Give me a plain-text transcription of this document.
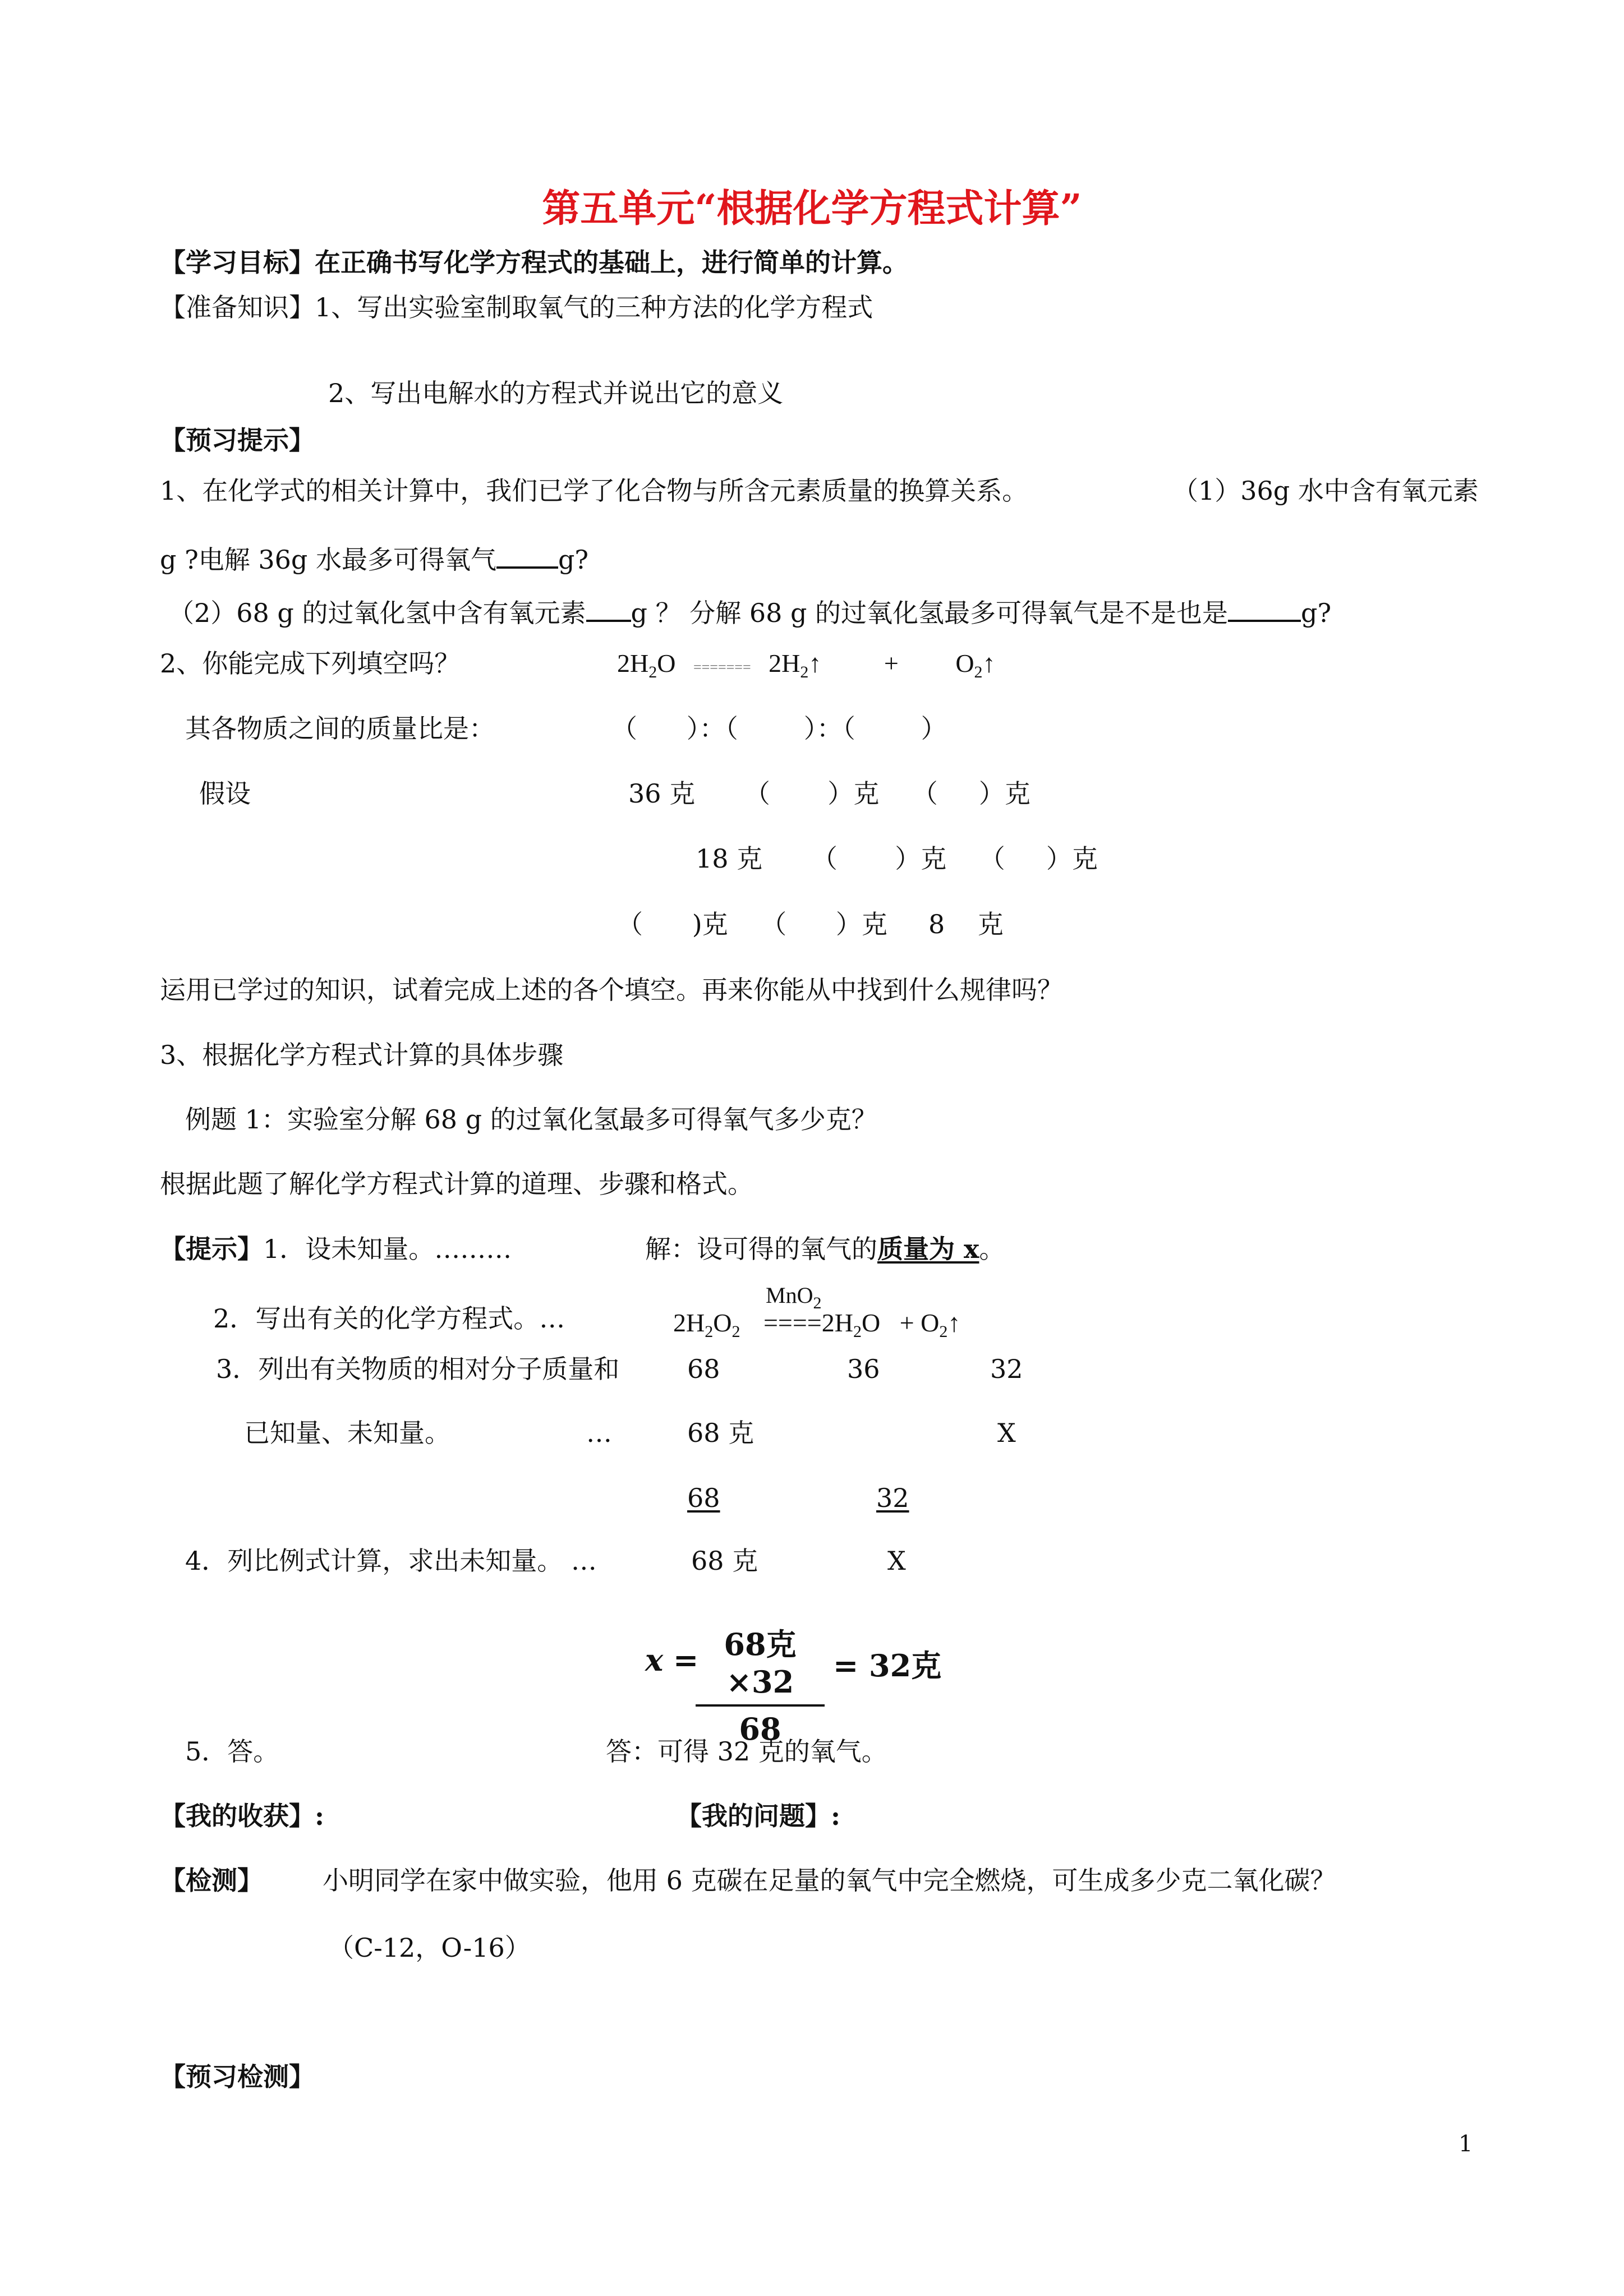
第五单元“根据化学方程式计算”
【学习目标】在正确书写化学方程式的基础上，进行简单的计算。
【准备知识】1、写出实验室制取氧气的三种方法的化学方程式
2、写出电解水的方程式并说出它的意义
【预习提示】
1、在化学式的相关计算中，我们已学了化合物与所含元素质量的换算关系。	（1）36g 水中含有氧元素
g ?电解 36g 水最多可得氧气 g?
（2）68 g 的过氧化氢中含有氧元素 g ？ 分解 68 g 的过氧化氢最多可得氧气是不是也是	g?
2、你能完成下列填空吗？	$2H_2O$ ======= $2H_2↑$ + $O_2↑$
其各物质之间的质量比是：	（      ）：（        ）：（        ）
假设	36 克      （       ）克    （     ）克
18 克      （       ）克    （     ）克
（      )克    （      ）克     8    克
运用已学过的知识，试着完成上述的各个填空。再来你能从中找到什么规律吗？
3、根据化学方程式计算的具体步骤
例题 1：实验室分解 68 g 的过氧化氢最多可得氧气多少克？
根据此题了解化学方程式计算的道理、步骤和格式。
【提示】1．设未知量。………	解：设可得的氧气的质量为 x。
MnO$_2$
2．写出有关的化学方程式。…	$2H_2O_2 ====2H_2O$   + $O_2↑$
3．列出有关物质的相对分子质量和	68	36	32
已知量、未知量。	…	68 克	X
68	32
4．列比例式计算，求出未知量。 …	68 克	X
x = 68克×32
68
= 32克
5．答。	答：可得 32 克的氧气。
【我的收获】:	【我的问题】:
【检测】 小明同学在家中做实验，他用 6 克碳在足量的氧气中完全燃烧，可生成多少克二氧化碳？
（C-12，O-16）
【预习检测】
1
